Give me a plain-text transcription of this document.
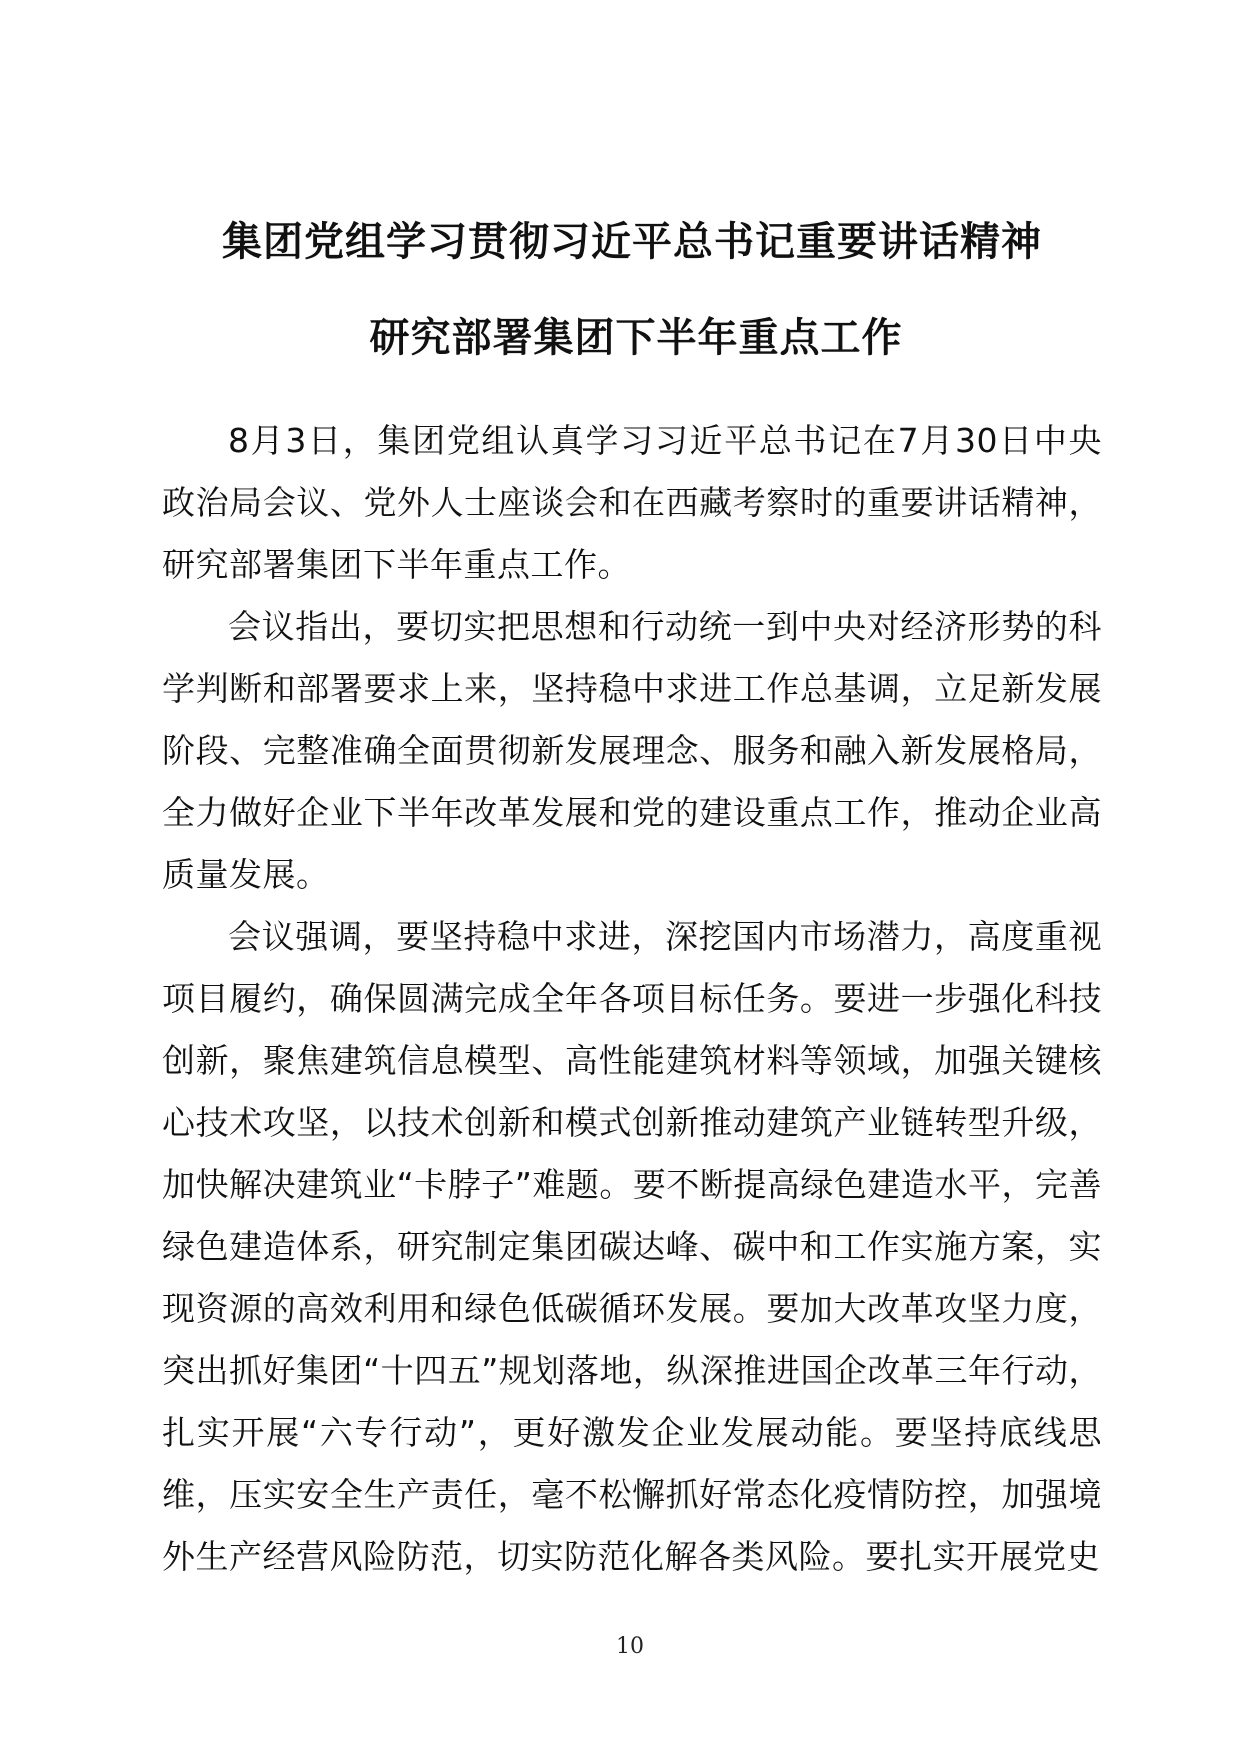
集团党组学习贯彻习近平总书记重要讲话精神
研究部署集团下半年重点工作

8月3日，集团党组认真学习习近平总书记在7月30日中央政治局会议、党外人士座谈会和在西藏考察时的重要讲话精神，研究部署集团下半年重点工作。

会议指出，要切实把思想和行动统一到中央对经济形势的科学判断和部署要求上来，坚持稳中求进工作总基调，立足新发展阶段、完整准确全面贯彻新发展理念、服务和融入新发展格局，全力做好企业下半年改革发展和党的建设重点工作，推动企业高质量发展。

会议强调，要坚持稳中求进，深挖国内市场潜力，高度重视项目履约，确保圆满完成全年各项目标任务。要进一步强化科技创新，聚焦建筑信息模型、高性能建筑材料等领域，加强关键核心技术攻坚，以技术创新和模式创新推动建筑产业链转型升级，加快解决建筑业“卡脖子”难题。要不断提高绿色建造水平，完善绿色建造体系，研究制定集团碳达峰、碳中和工作实施方案，实现资源的高效利用和绿色低碳循环发展。要加大改革攻坚力度，突出抓好集团“十四五”规划落地，纵深推进国企改革三年行动，扎实开展“六专行动”，更好激发企业发展动能。要坚持底线思维，压实安全生产责任，毫不松懈抓好常态化疫情防控，加强境外生产经营风险防范，切实防范化解各类风险。要扎实开展党史

10
